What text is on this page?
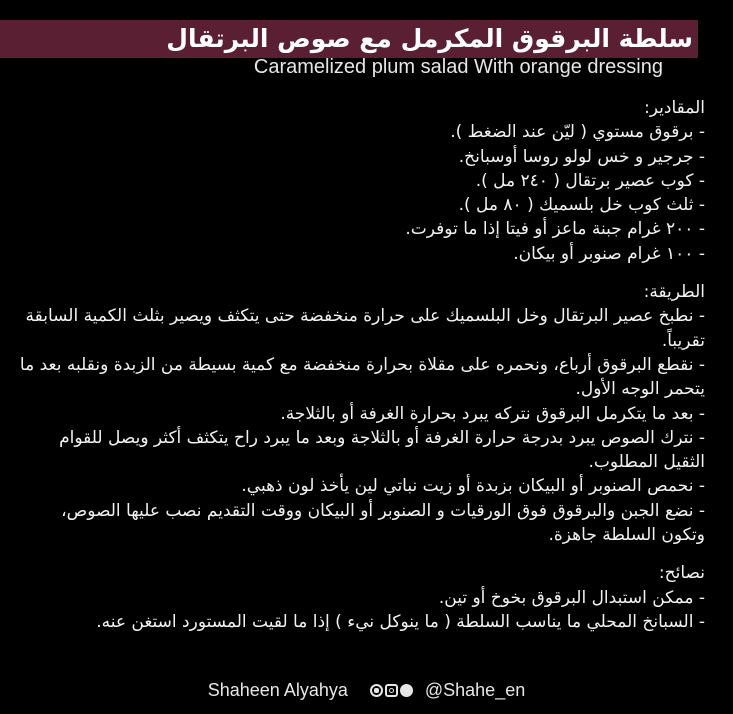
سلطة البرقوق المكرمل مع صوص البرتقال
Caramelized plum salad With orange dressing
المقادير:
- برقوق مستوي ( ليّن عند الضغط ).
- جرجير و خس لولو روسا أوسبانخ.
- كوب عصير برتقال ( ٢٤٠ مل ).
- ثلث كوب خل بلسميك ( ٨٠ مل ).
- ٢٠٠ غرام جبنة ماعز أو فيتا إذا ما توفرت.
- ١٠٠ غرام صنوبر أو بيكان.
الطريقة:
- نطبخ عصير البرتقال وخل البلسميك على حرارة منخفضة حتى يتكثف ويصير بثلث الكمية السابقة تقريباً.
- نقطع البرقوق أرباع، ونحمره على مقلاة بحرارة منخفضة مع كمية بسيطة من الزبدة ونقلبه بعد ما يتحمر الوجه الأول.
- بعد ما يتكرمل البرقوق نتركه يبرد بحرارة الغرفة أو بالثلاجة.
- نترك الصوص يبرد بدرجة حرارة الغرفة أو بالثلاجة وبعد ما يبرد راح يتكثف أكثر ويصل للقوام الثقيل المطلوب.
- نحمص الصنوبر أو البيكان بزبدة أو زيت نباتي لين يأخذ لون ذهبي.
- نضع الجبن والبرقوق فوق الورقيات و الصنوبر أو البيكان ووقت التقديم نصب عليها الصوص، وتكون السلطة جاهزة.
نصائح:
- ممكن استبدال البرقوق بخوخ أو تين.
- السبانخ المحلي ما يناسب السلطة ( ما ينوكل نيء ) إذا ما لقيت المستورد استغن عنه.
Shaheen Alyahya	@Shahe_en
